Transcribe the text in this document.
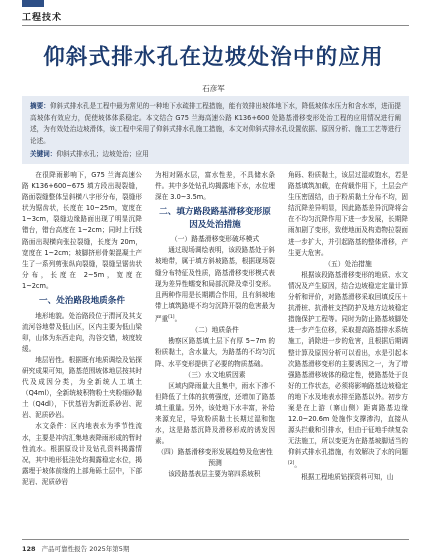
工程技术
仰斜式排水孔在边坡处治中的应用
石彦军

摘要：仰斜式排水孔是工程中最为常见的一种地下水疏排工程措施，能有效排出坡体地下水，降低坡体水压力和含水率，进而提高坡体有效应力，促使坡体体系稳定。本文结合 G75 兰海高速公路 K136+600 处路基滑移变形处治工程的应用情况进行阐述，为有效处治边坡滑体，该工程中采用了仰斜式排水孔施工措施，本文对仰斜式排水孔设置依据、原因分析、施工工艺等进行论述。

关键词：仰斜式排水孔；边坡处治；应用

在很降雨影响下，G75 兰海高速公路 K136+600~675 填方段出现裂缝，路面裂缝整体呈斜横八字形分布，裂缝形状为锯齿状，长度在 10~25m，宽度在 1~3cm，裂缝边缘路面出现了明显沉降错台，错台高度在 1~2cm；同时上行线路面出现横向张拉裂缝，长度为 20m，宽度在 1~2cm；坡脚挤形骨架混凝土产生了一系列剪张纵向裂缝，裂缝呈锯齿状分布，长度在 2~5m，宽度在 1~2cm。

一、处治路段地质条件

地形地貌。处治路段位于渭河及其支流河谷地带及低山区，区内主要为低山梁卯，山体为东西走向，沟谷交错，坡度较缓。

地层岩性。根据既有地质调绘及钻探研究成果可知，路基范围坡体地层按其时代及成因分类，为全新统人工填土（Q4ml），全新统坡积物粉土夹粉细砂黏土（Q4dl），下伏基岩为新近系砂岩、泥岩、泥质砂岩。

水文条件：区内地表水为季节性流水，主要是冲沟汇集地表降雨形成的暂时性流水。根据原设计及钻孔资料揭露情况，其中地形低洼处均揭露稳定水位，揭露埋于坡体前缘的上部角砾土层中，下部泥岩、泥质砂岩

为相对隔水层，富水性差，不具储水条件。其中多处钻孔均揭露地下水，水位埋深在 3.0~3.5m。

二、填方路段路基滑移变形原因及处治措施
（一）路基滑移变形破坏模式

通过现场调绘表明，该段路基处于斜坡地带，属于填方斜坡路基，根据现场裂缝分布特征及性质，路基滑移变形模式表现为差异性蠕变和局部沉降及牵引变形。且两种作用是长期耦合作用，且有斜坡地带上填筑路堤不均匀沉降开裂的危害最为严重[1]。

（二）地质条件

勘察区路基填土层下有厚 5~7m 的粉质黏土，含水量大，为路基的不均匀沉降、水平变形提供了必要的物质基础。

（三）水文地质因素

区域内降雨量大且集中，雨水下渗不但降低了土体的抗剪强度，还增加了路基填土重量。另外，该处地下水丰富，补给来源充足，导致粉质黏土长期过湿和饱水，这是路基沉降及滑移形成的诱发因素。

（四）路基滑移变形发展趋势及危害性预测

该段路基表层主要为第四系坡积

角砾、粉质黏土，该层过湿或饱水，若是路基填筑加载，在荷载作用下，土层会产生压密固结，由于粉质黏土分布不均，固结沉降差异明显，因此路基差异沉降将会在不均匀沉降作用下进一步发展，长期降雨加剧了变形，致使地面及构造物拉裂面进一步扩大，并引起路基的整体滑移，产生更大危害。

（五）处治措施

根据该段路基滑移变形的地质、水文情况及产生原因，结合边坡稳定定量计算分析和评价，对路基滑移采取回填反压＋抗滑桩、抗滑桩支挡防护及地方边坡稳定措施保护工程等。同时为防止路基坡脚处进一步产生位移，采取提高路基排水系统施工，消除进一步的危害，且根据后期调整计算及原因分析可以看出，水是引起本次路基滑移变形的主要诱因之一，为了增强路基滑移坡体的稳定性，使路基处于良好的工作状态，必须将影响路基边坡稳定的地下水及地表水排至路基以外。初步方案是在上游（寨山侧）距离路基边缘 12.0~20.6m 处施作支撑渗沟，直接从源头拦截和引排水，但由于征地手续复杂无法施工，所以变更为在路基坡脚适当的仰斜式排水孔措施，有效解决了水的问题[2]。

根据工程地质钻探资料可知，山

128 产品可靠性报告 2025年第5期
